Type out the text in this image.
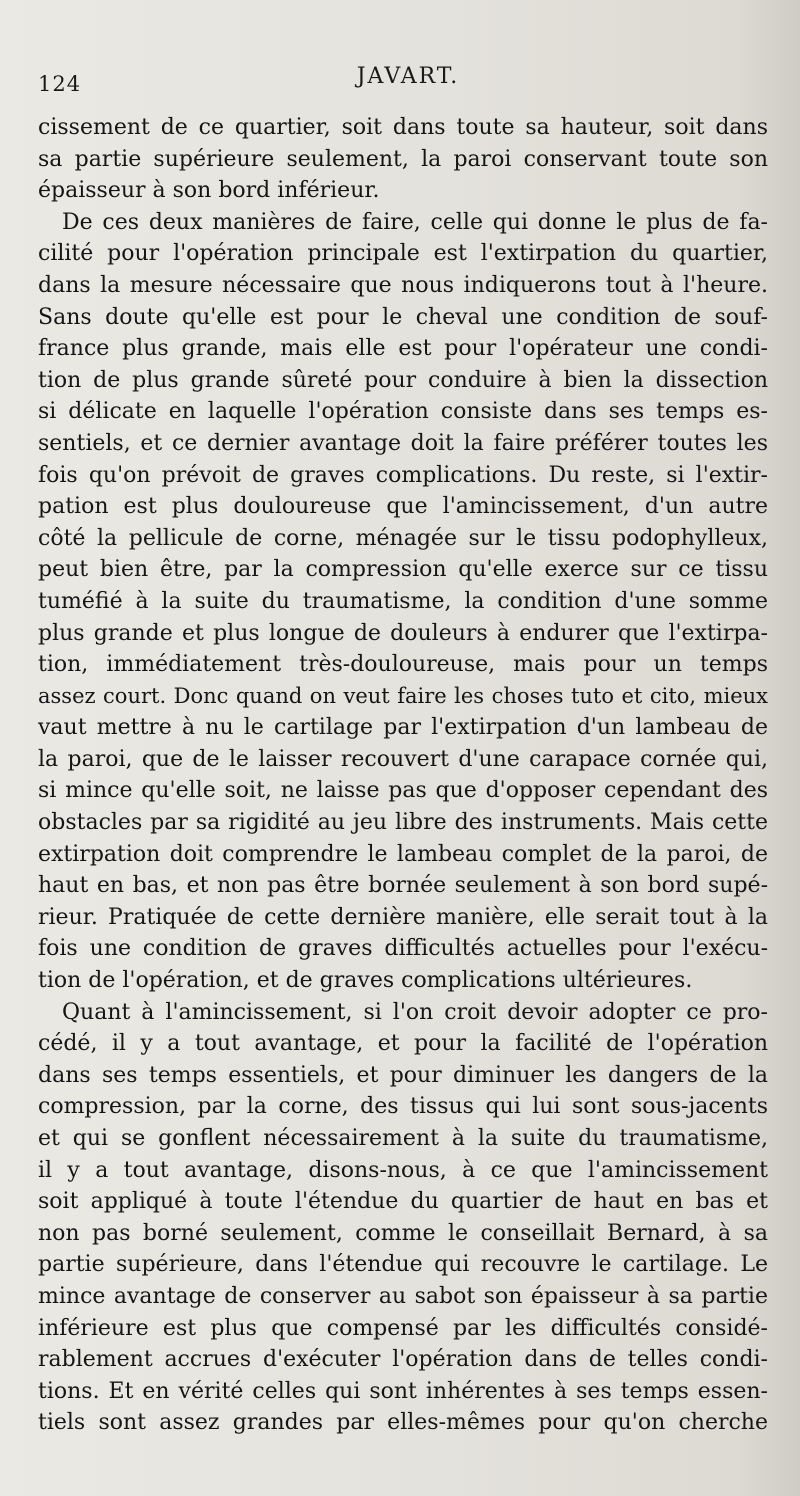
124	JAVART.
cissement de ce quartier, soit dans toute sa hauteur, soit dans
sa partie supérieure seulement, la paroi conservant toute son
épaisseur à son bord inférieur.
De ces deux manières de faire, celle qui donne le plus de fa-
cilité pour l'opération principale est l'extirpation du quartier,
dans la mesure nécessaire que nous indiquerons tout à l'heure.
Sans doute qu'elle est pour le cheval une condition de souf-
france plus grande, mais elle est pour l'opérateur une condi-
tion de plus grande sûreté pour conduire à bien la dissection
si délicate en laquelle l'opération consiste dans ses temps es-
sentiels, et ce dernier avantage doit la faire préférer toutes les
fois qu'on prévoit de graves complications. Du reste, si l'extir-
pation est plus douloureuse que l'amincissement, d'un autre
côté la pellicule de corne, ménagée sur le tissu podophylleux,
peut bien être, par la compression qu'elle exerce sur ce tissu
tuméfié à la suite du traumatisme, la condition d'une somme
plus grande et plus longue de douleurs à endurer que l'extirpa-
tion, immédiatement très-douloureuse, mais pour un temps
assez court. Donc quand on veut faire les choses tuto et cito, mieux
vaut mettre à nu le cartilage par l'extirpation d'un lambeau de
la paroi, que de le laisser recouvert d'une carapace cornée qui,
si mince qu'elle soit, ne laisse pas que d'opposer cependant des
obstacles par sa rigidité au jeu libre des instruments. Mais cette
extirpation doit comprendre le lambeau complet de la paroi, de
haut en bas, et non pas être bornée seulement à son bord supé-
rieur. Pratiquée de cette dernière manière, elle serait tout à la
fois une condition de graves difficultés actuelles pour l'exécu-
tion de l'opération, et de graves complications ultérieures.
Quant à l'amincissement, si l'on croit devoir adopter ce pro-
cédé, il y a tout avantage, et pour la facilité de l'opération
dans ses temps essentiels, et pour diminuer les dangers de la
compression, par la corne, des tissus qui lui sont sous-jacents
et qui se gonflent nécessairement à la suite du traumatisme,
il y a tout avantage, disons-nous, à ce que l'amincissement
soit appliqué à toute l'étendue du quartier de haut en bas et
non pas borné seulement, comme le conseillait Bernard, à sa
partie supérieure, dans l'étendue qui recouvre le cartilage. Le
mince avantage de conserver au sabot son épaisseur à sa partie
inférieure est plus que compensé par les difficultés considé-
rablement accrues d'exécuter l'opération dans de telles condi-
tions. Et en vérité celles qui sont inhérentes à ses temps essen-
tiels sont assez grandes par elles-mêmes pour qu'on cherche
